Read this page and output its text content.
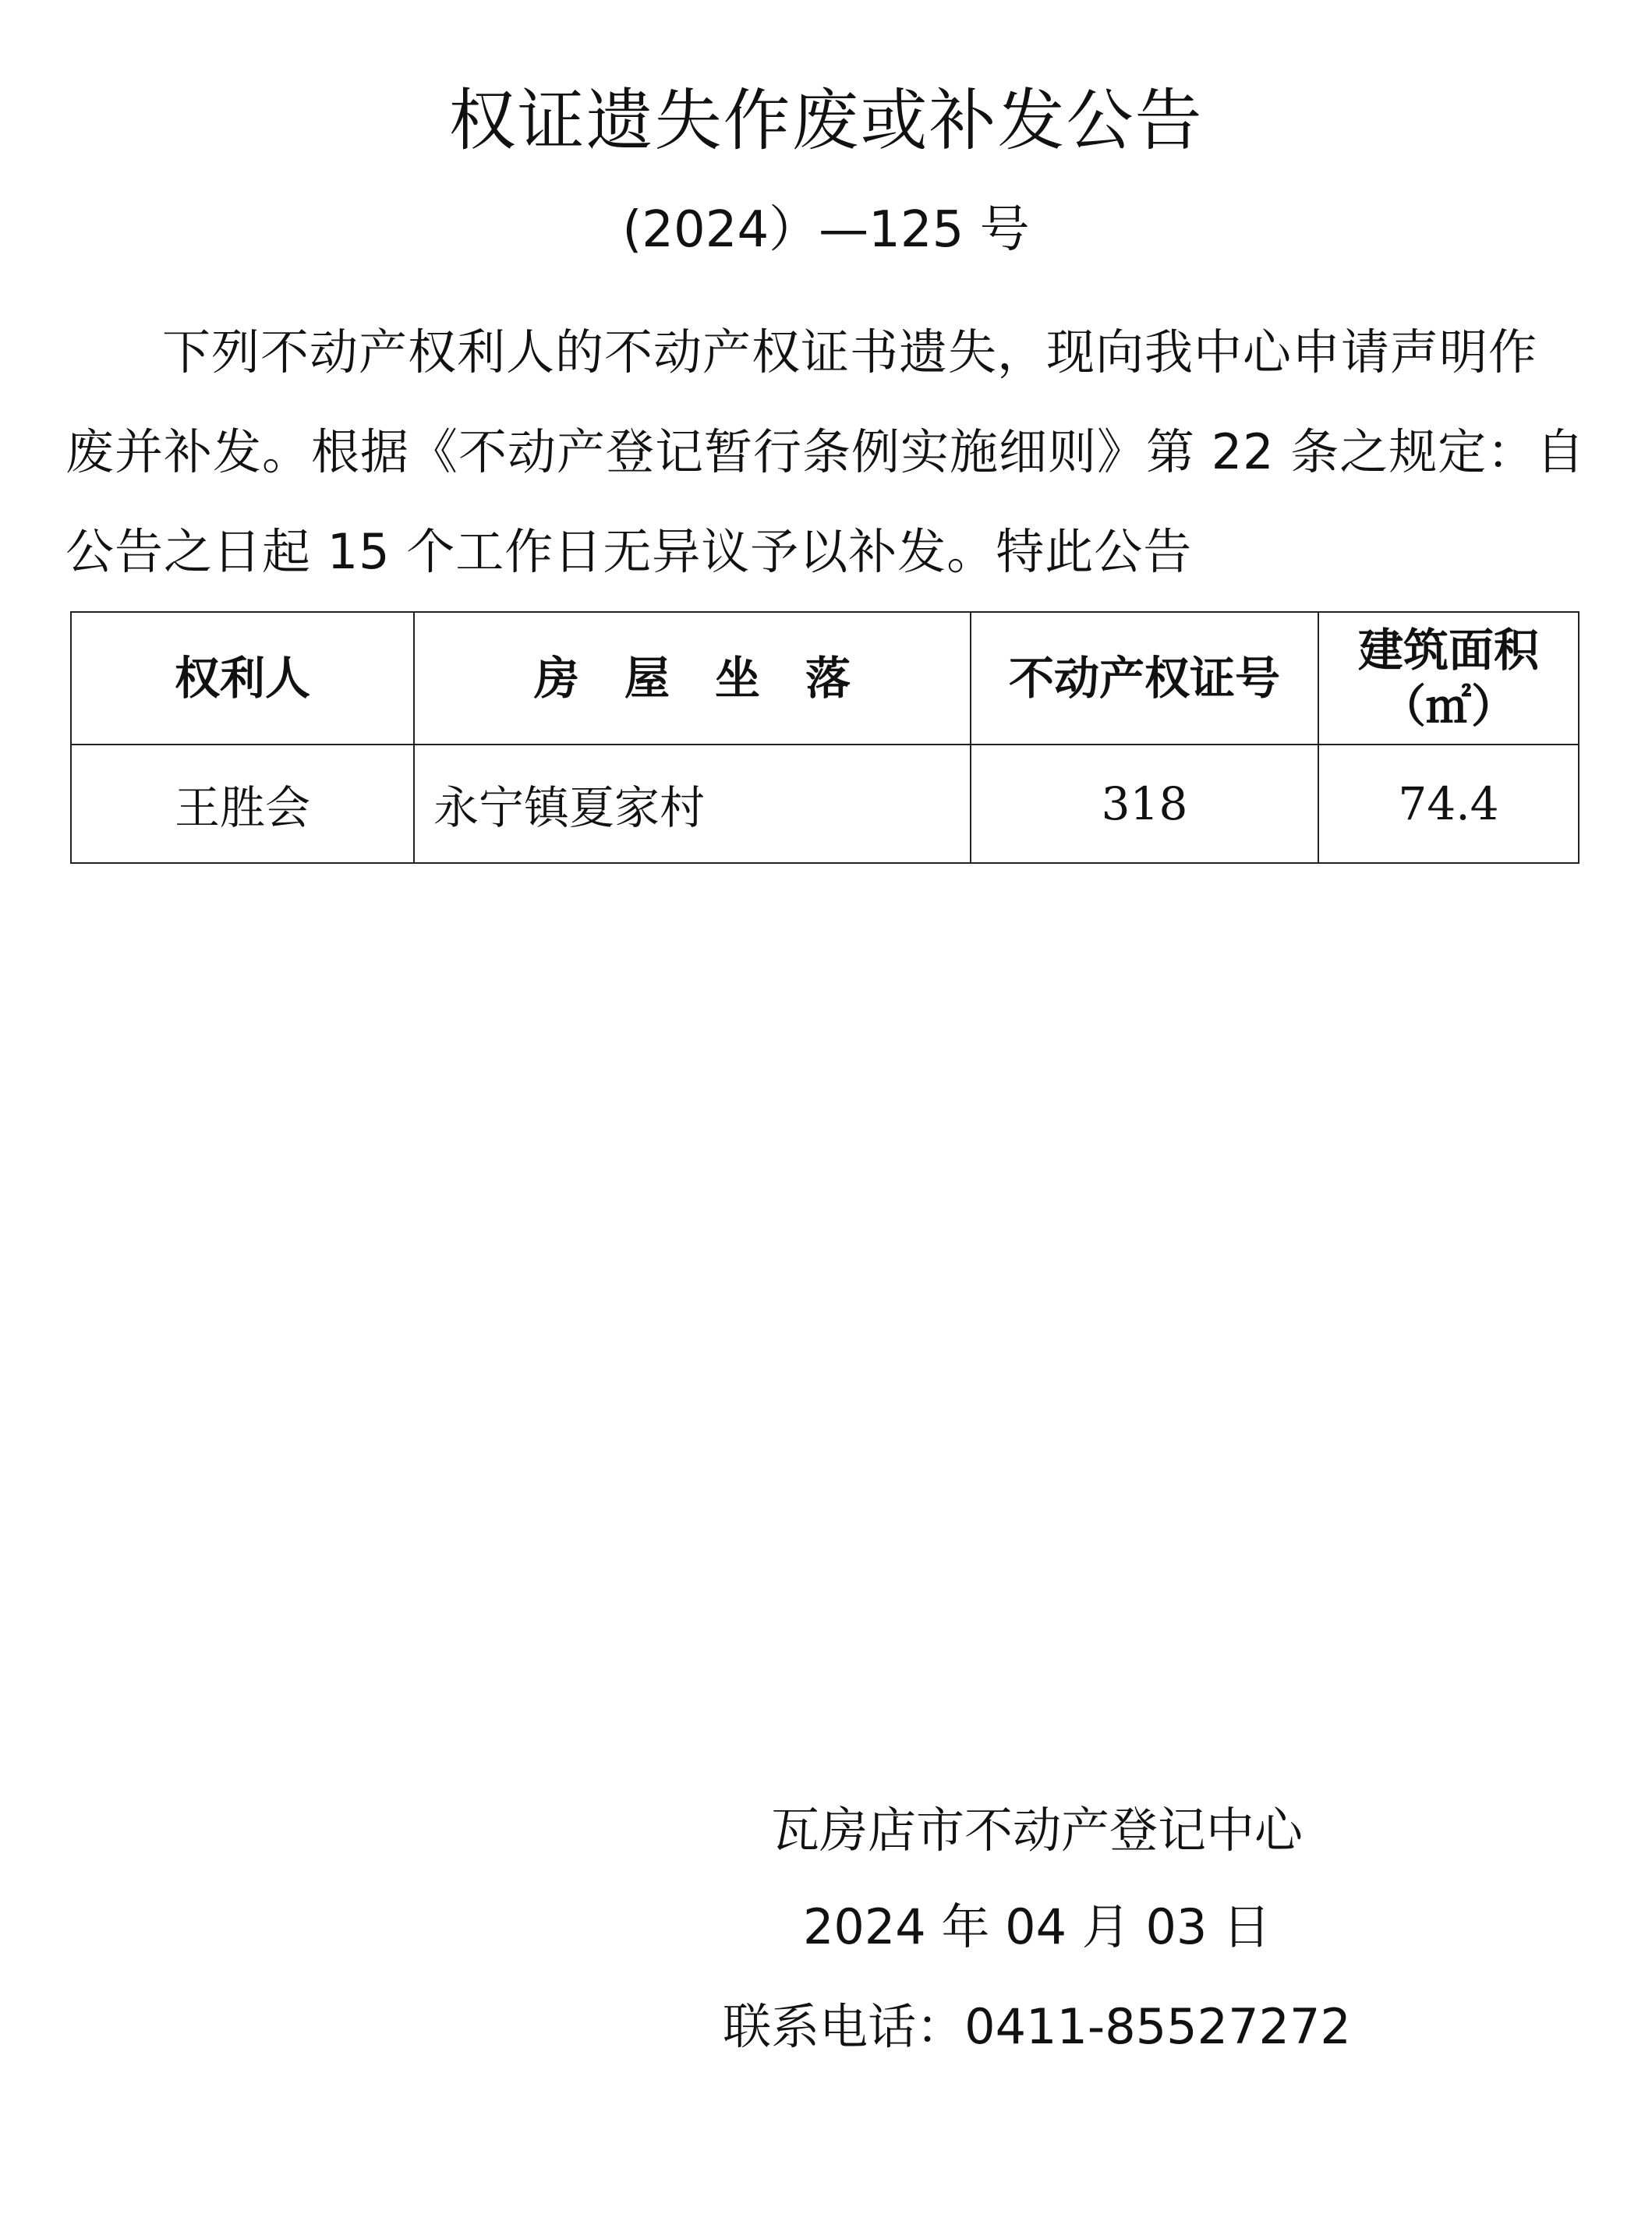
权证遗失作废或补发公告
(2024）—125 号
下列不动产权利人的不动产权证书遗失，现向我中心申请声明作废并补发。根据《不动产登记暂行条例实施细则》第 22 条之规定：自公告之日起 15 个工作日无异议予以补发。特此公告
权利人	房　屋　坐　落	不动产权证号	建筑面积
（㎡）

王胜会	永宁镇夏家村	318	74.4
瓦房店市不动产登记中心
2024 年 04 月 03 日
联系电话：0411-85527272
